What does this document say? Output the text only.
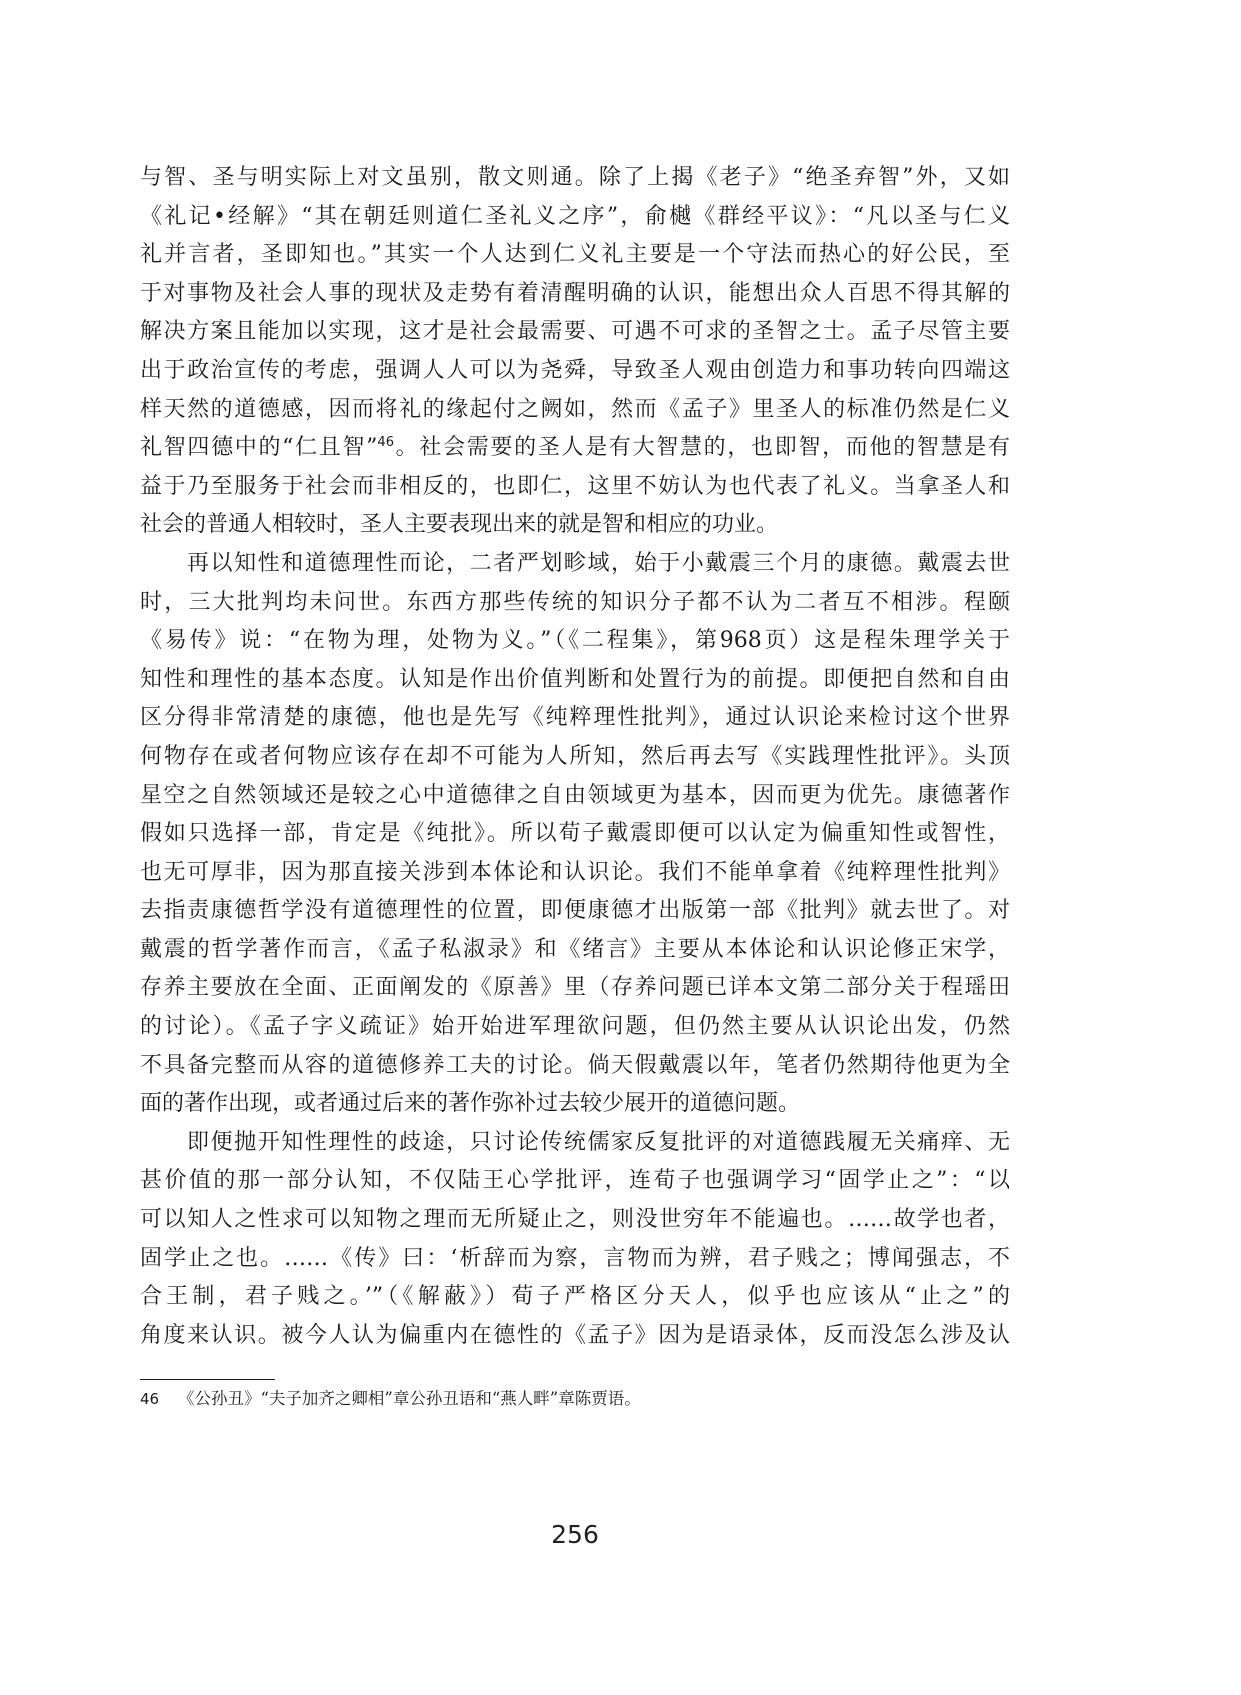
与智、圣与明实际上对文虽别，散文则通。除了上揭《老子》“绝圣弃智”外，又如
《礼记•经解》“其在朝廷则道仁圣礼义之序”，俞樾《群经平议》：“凡以圣与仁义
礼并言者，圣即知也。”其实一个人达到仁义礼主要是一个守法而热心的好公民，至
于对事物及社会人事的现状及走势有着清醒明确的认识，能想出众人百思不得其解的
解决方案且能加以实现，这才是社会最需要、可遇不可求的圣智之士。孟子尽管主要
出于政治宣传的考虑，强调人人可以为尧舜，导致圣人观由创造力和事功转向四端这
样天然的道德感，因而将礼的缘起付之阙如，然而《孟子》里圣人的标准仍然是仁义
礼智四德中的“仁且智”$^{46}$。社会需要的圣人是有大智慧的，也即智，而他的智慧是有
益于乃至服务于社会而非相反的，也即仁，这里不妨认为也代表了礼义。当拿圣人和
社会的普通人相较时，圣人主要表现出来的就是智和相应的功业。
再以知性和道德理性而论，二者严划畛域，始于小戴震三个月的康德。戴震去世
时，三大批判均未问世。东西方那些传统的知识分子都不认为二者互不相涉。程颐
《易传》说：“在物为理，处物为义。”（《二程集》，第968页）这是程朱理学关于
知性和理性的基本态度。认知是作出价值判断和处置行为的前提。即便把自然和自由
区分得非常清楚的康德，他也是先写《纯粹理性批判》，通过认识论来检讨这个世界
何物存在或者何物应该存在却不可能为人所知，然后再去写《实践理性批评》。头顶
星空之自然领域还是较之心中道德律之自由领域更为基本，因而更为优先。康德著作
假如只选择一部，肯定是《纯批》。所以荀子戴震即便可以认定为偏重知性或智性，
也无可厚非，因为那直接关涉到本体论和认识论。我们不能单拿着《纯粹理性批判》
去指责康德哲学没有道德理性的位置，即便康德才出版第一部《批判》就去世了。对
戴震的哲学著作而言，《孟子私淑录》和《绪言》主要从本体论和认识论修正宋学，
存养主要放在全面、正面阐发的《原善》里（存养问题已详本文第二部分关于程瑶田
的讨论）。《孟子字义疏证》始开始进军理欲问题，但仍然主要从认识论出发，仍然
不具备完整而从容的道德修养工夫的讨论。倘天假戴震以年，笔者仍然期待他更为全
面的著作出现，或者通过后来的著作弥补过去较少展开的道德问题。
即便抛开知性理性的歧途，只讨论传统儒家反复批评的对道德践履无关痛痒、无
甚价值的那一部分认知，不仅陆王心学批评，连荀子也强调学习“固学止之”：“以
可以知人之性求可以知物之理而无所疑止之，则没世穷年不能遍也。……故学也者，
固学止之也。……《传》曰：‘析辞而为察，言物而为辨，君子贱之；博闻强志，不
合王制，君子贱之。’”（《解蔽》）荀子严格区分天人，似乎也应该从“止之”的
角度来认识。被今人认为偏重内在德性的《孟子》因为是语录体，反而没怎么涉及认
46 《公孙丑》“夫子加齐之卿相”章公孙丑语和“燕人畔”章陈贾语。
256
